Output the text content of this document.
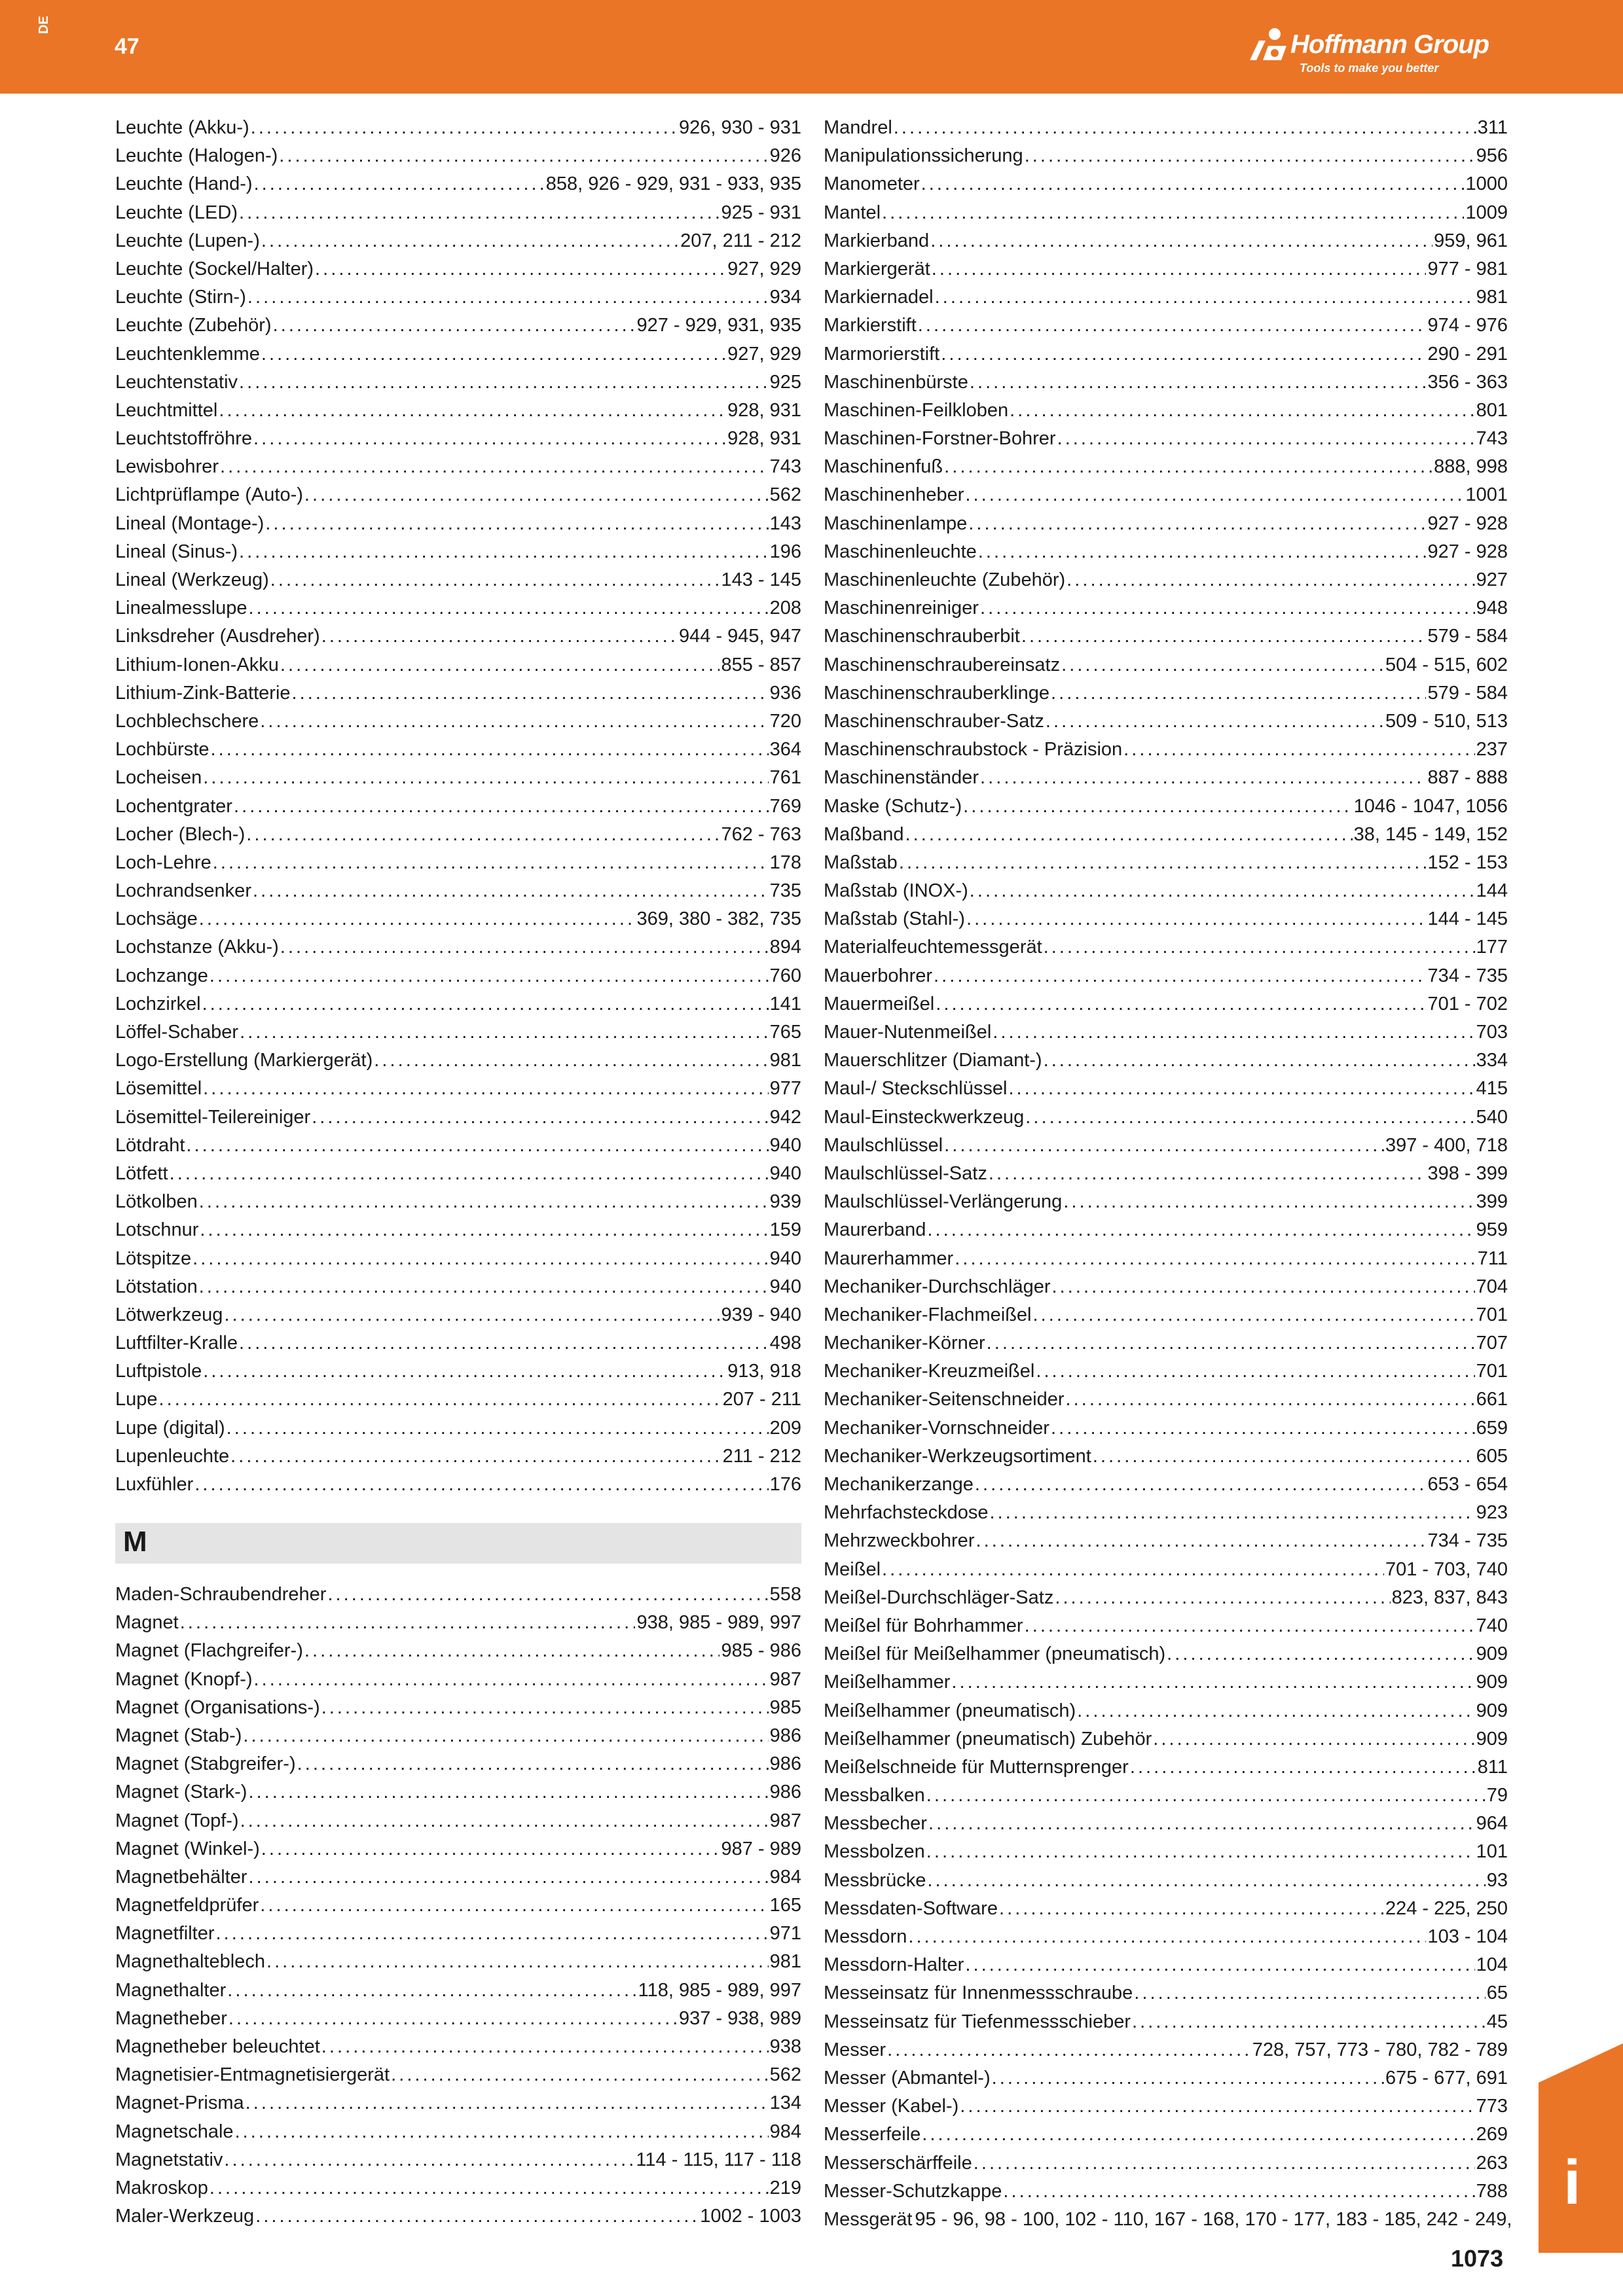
DE
47	Hoffmann Group
Tools to make you better
Leuchte (Akku-) . . .	926, 930 - 931
Leuchte (Halogen-) . . .	926
Leuchte (Hand-) . . .	858, 926 - 929, 931 - 933, 935
Leuchte (LED) . . .	925 - 931
Leuchte (Lupen-) . . .	207, 211 - 212
Leuchte (Sockel/Halter) . . .	927, 929
Leuchte (Stirn-) . . .	934
Leuchte (Zubehör) . . .	927 - 929, 931, 935
Leuchtenklemme . . .	927, 929
Leuchtenstativ . . .	925
Leuchtmittel . . .	928, 931
Leuchtstoffröhre . . .	928, 931
Lewisbohrer . . .	743
Lichtprüflampe (Auto-) . . .	562
Lineal (Montage-) . . .	143
Lineal (Sinus-) . . .	196
Lineal (Werkzeug) . . .	143 - 145
Linealmesslupe . . .	208
Linksdreher (Ausdreher) . . .	944 - 945, 947
Lithium-Ionen-Akku . . .	855 - 857
Lithium-Zink-Batterie . . .	936
Lochblechschere . . .	720
Lochbürste . . .	364
Locheisen . . .	761
Lochentgrater . . .	769
Locher (Blech-) . . .	762 - 763
Loch-Lehre . . .	178
Lochrandsenker . . .	735
Lochsäge . . .	369, 380 - 382, 735
Lochstanze (Akku-) . . .	894
Lochzange . . .	760
Lochzirkel . . .	141
Löffel-Schaber . . .	765
Logo-Erstellung (Markiergerät) . . .	981
Lösemittel . . .	977
Lösemittel-Teilereiniger . . .	942
Lötdraht . . .	940
Lötfett . . .	940
Lötkolben . . .	939
Lotschnur . . .	159
Lötspitze . . .	940
Lötstation . . .	940
Lötwerkzeug . . .	939 - 940
Luftfilter-Kralle . . .	498
Luftpistole . . .	913, 918
Lupe . . .	207 - 211
Lupe (digital) . . .	209
Lupenleuchte . . .	211 - 212
Luxfühler . . .	176
M
Maden-Schraubendreher . . .	558
Magnet . . .	938, 985 - 989, 997
Magnet (Flachgreifer-) . . .	985 - 986
Magnet (Knopf-) . . .	987
Magnet (Organisations-) . . .	985
Magnet (Stab-) . . .	986
Magnet (Stabgreifer-) . . .	986
Magnet (Stark-) . . .	986
Magnet (Topf-) . . .	987
Magnet (Winkel-) . . .	987 - 989
Magnetbehälter . . .	984
Magnetfeldprüfer . . .	165
Magnetfilter . . .	971
Magnethalteblech . . .	981
Magnethalter . . .	118, 985 - 989, 997
Magnetheber . . .	937 - 938, 989
Magnetheber beleuchtet . . .	938
Magnetisier-Entmagnetisiergerät . . .	562
Magnet-Prisma . . .	134
Magnetschale . . .	984
Magnetstativ . . .	114 - 115, 117 - 118
Makroskop . . .	219
Maler-Werkzeug . . .	1002 - 1003
Mandrel . . .	311
Manipulationssicherung . . .	956
Manometer . . .	1000
Mantel . . .	1009
Markierband . . .	959, 961
Markiergerät . . .	977 - 981
Markiernadel . . .	981
Markierstift . . .	974 - 976
Marmorierstift . . .	290 - 291
Maschinenbürste . . .	356 - 363
Maschinen-Feilkloben . . .	801
Maschinen-Forstner-Bohrer . . .	743
Maschinenfuß . . .	888, 998
Maschinenheber . . .	1001
Maschinenlampe . . .	927 - 928
Maschinenleuchte . . .	927 - 928
Maschinenleuchte (Zubehör) . . .	927
Maschinenreiniger . . .	948
Maschinenschrauberbit . . .	579 - 584
Maschinenschraubereinsatz . . .	504 - 515, 602
Maschinenschrauberklinge . . .	579 - 584
Maschinenschrauber-Satz . . .	509 - 510, 513
Maschinenschraubstock - Präzision . . .	237
Maschinenständer . . .	887 - 888
Maske (Schutz-) . . .	1046 - 1047, 1056
Maßband . . .	38, 145 - 149, 152
Maßstab . . .	152 - 153
Maßstab (INOX-) . . .	144
Maßstab (Stahl-) . . .	144 - 145
Materialfeuchtemessgerät . . .	177
Mauerbohrer . . .	734 - 735
Mauermeißel . . .	701 - 702
Mauer-Nutenmeißel . . .	703
Mauerschlitzer (Diamant-) . . .	334
Maul-/ Steckschlüssel . . .	415
Maul-Einsteckwerkzeug . . .	540
Maulschlüssel . . .	397 - 400, 718
Maulschlüssel-Satz . . .	398 - 399
Maulschlüssel-Verlängerung . . .	399
Maurerband . . .	959
Maurerhammer . . .	711
Mechaniker-Durchschläger . . .	704
Mechaniker-Flachmeißel . . .	701
Mechaniker-Körner . . .	707
Mechaniker-Kreuzmeißel . . .	701
Mechaniker-Seitenschneider . . .	661
Mechaniker-Vornschneider . . .	659
Mechaniker-Werkzeugsortiment . . .	605
Mechanikerzange . . .	653 - 654
Mehrfachsteckdose . . .	923
Mehrzweckbohrer . . .	734 - 735
Meißel . . .	701 - 703, 740
Meißel-Durchschläger-Satz . . .	823, 837, 843
Meißel für Bohrhammer . . .	740
Meißel für Meißelhammer (pneumatisch) . . .	909
Meißelhammer . . .	909
Meißelhammer (pneumatisch) . . .	909
Meißelhammer (pneumatisch) Zubehör . . .	909
Meißelschneide für Mutternsprenger . . .	811
Messbalken . . .	79
Messbecher . . .	964
Messbolzen . . .	101
Messbrücke . . .	93
Messdaten-Software . . .	224 - 225, 250
Messdorn . . .	103 - 104
Messdorn-Halter . . .	104
Messeinsatz für Innenmessschraube . . .	65
Messeinsatz für Tiefenmessschieber . . .	45
Messer . . .	728, 757, 773 - 780, 782 - 789
Messer (Abmantel-) . . .	675 - 677, 691
Messer (Kabel-) . . .	773
Messerfeile . . .	269
Messerschärffeile . . .	263
Messer-Schutzkappe . . .	788
Messgerät 95 - 96, 98 - 100, 102 - 110, 167 - 168, 170 - 177, 183 - 185, 242 - 249,
i
1073
